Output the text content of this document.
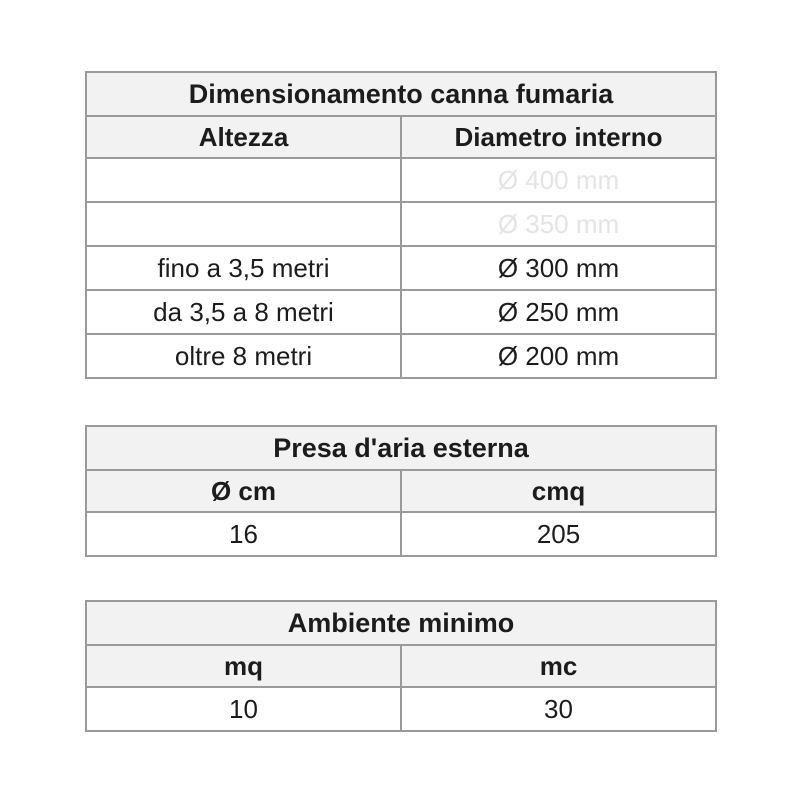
Dimensionamento canna fumaria	
Altezza	Diametro interno
	Ø 400 mm
	Ø 350 mm
fino a 3,5 metri	Ø 300 mm
da 3,5 a 8 metri	Ø 250 mm
oltre 8 metri	Ø 200 mm
Presa d'aria esterna	
Ø cm	cmq
16	205
Ambiente minimo	
mq	mc
10	30
